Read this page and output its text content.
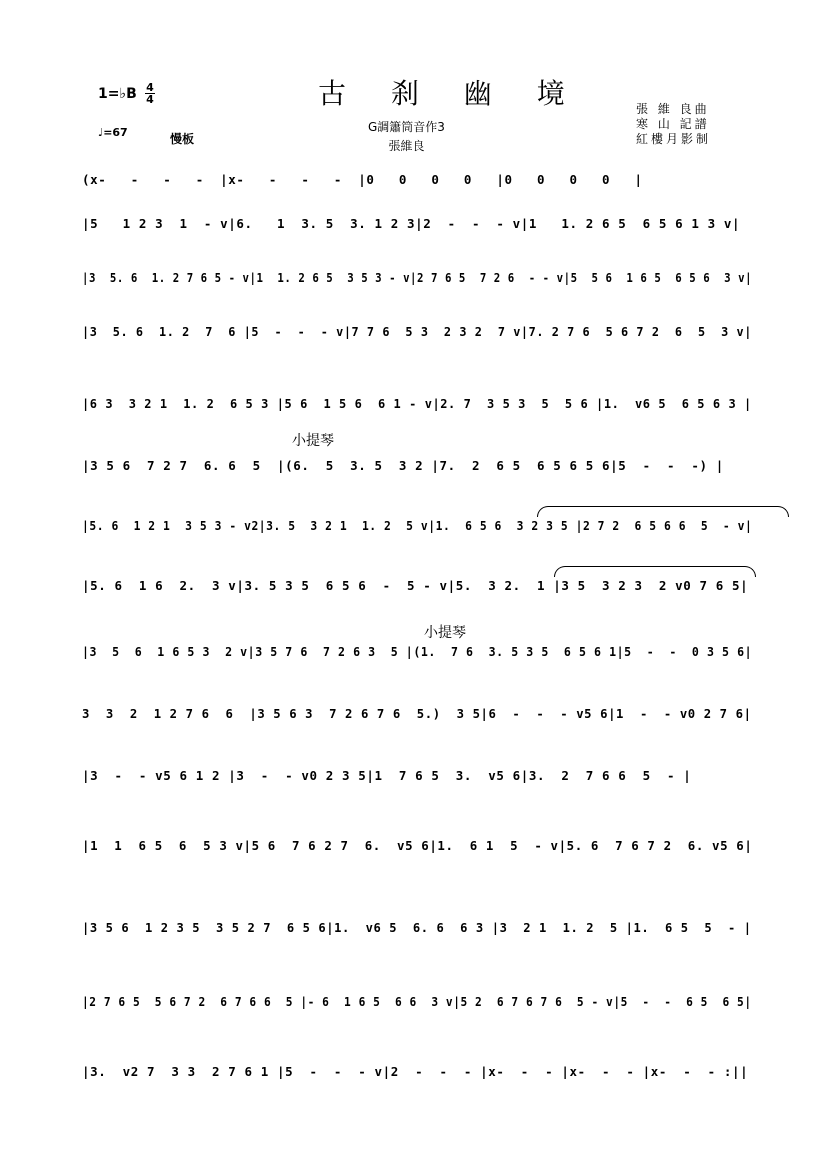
古 刹 幽 境
1=♭B 4
4
♩=67	慢板
G調簫筒音作3
張維良
張 維 良曲
寒 山 記譜
紅樓月影制
小提琴
小提琴
(x-   -   -   -  |x-   -   -   -  |0   0   0   0   |0   0   0   0   |
|5   1 2 3  1  - v|6.   1  3. 5  3. 1 2 3|2  -  -  - v|1   1. 2 6 5  6 5 6 1 3 v|
|3  5. 6  1. 2 7 6 5 - v|1  1. 2 6 5  3 5 3 - v|2 7 6 5  7 2 6  - - v|5  5 6  1 6 5  6 5 6  3 v|
|3  5. 6  1. 2  7  6 |5  -  -  - v|7 7 6  5 3  2 3 2  7 v|7. 2 7 6  5 6 7 2  6  5  3 v|
|6 3  3 2 1  1. 2  6 5 3 |5 6  1 5 6  6 1 - v|2. 7  3 5 3  5  5 6 |1.  v6 5  6 5 6 3 |
|3 5 6  7 2 7  6. 6  5  |(6.  5  3. 5  3 2 |7.  2  6 5  6 5 6 5 6|5  -  -  -) |
|5. 6  1 2 1  3 5 3 - v2|3. 5  3 2 1  1. 2  5 v|1.  6 5 6  3 2 3 5 |2 7 2  6 5 6 6  5  - v|
|5. 6  1 6  2.  3 v|3. 5 3 5  6 5 6  -  5 - v|5.  3 2.  1 |3 5  3 2 3  2 v0 7 6 5|
|3  5  6  1 6 5 3  2 v|3 5 7 6  7 2 6 3  5 |(1.  7 6  3. 5 3 5  6 5 6 1|5  -  -  0 3 5 6|
3  3  2  1 2 7 6  6  |3 5 6 3  7 2 6 7 6  5.)  3 5|6  -  -  - v5 6|1  -  - v0 2 7 6|
|3  -  - v5 6 1 2 |3  -  - v0 2 3 5|1  7 6 5  3.  v5 6|3.  2  7 6 6  5  - |
|1  1  6 5  6  5 3 v|5 6  7 6 2 7  6.  v5 6|1.  6 1  5  - v|5. 6  7 6 7 2  6. v5 6|
|3 5 6  1 2 3 5  3 5 2 7  6 5 6|1.  v6 5  6. 6  6 3 |3  2 1  1. 2  5 |1.  6 5  5  - |
|2 7 6 5  5 6 7 2  6 7 6 6  5 |- 6  1 6 5  6 6  3 v|5 2  6 7 6 7 6  5 - v|5  -  -  6 5  6 5|
|3.  v2 7  3 3  2 7 6 1 |5  -  -  - v|2  -  -  - |x-  -  - |x-  -  - |x-  -  - :||
